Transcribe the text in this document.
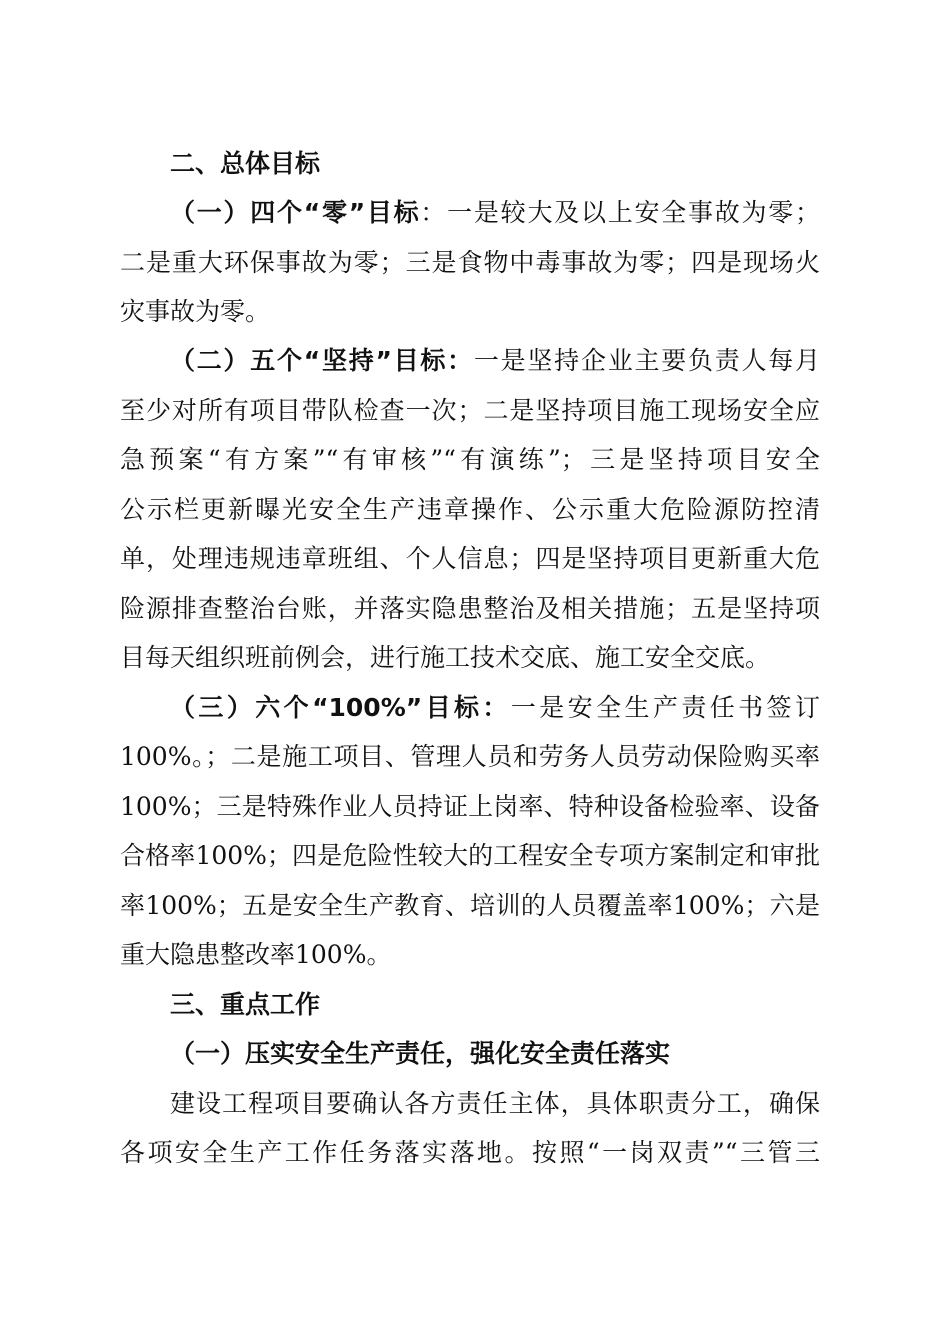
二、总体目标
（一）四个“零”目标：一是较大及以上安全事故为零；
二是重大环保事故为零；三是食物中毒事故为零；四是现场火
灾事故为零。
（二）五个“坚持”目标：一是坚持企业主要负责人每月
至少对所有项目带队检查一次；二是坚持项目施工现场安全应
急预案“有方案”“有审核”“有演练”；三是坚持项目安全
公示栏更新曝光安全生产违章操作、公示重大危险源防控清
单，处理违规违章班组、个人信息；四是坚持项目更新重大危
险源排查整治台账，并落实隐患整治及相关措施；五是坚持项
目每天组织班前例会，进行施工技术交底、施工安全交底。
（三）六个“100%”目标：一是安全生产责任书签订
100%。；二是施工项目、管理人员和劳务人员劳动保险购买率
100%；三是特殊作业人员持证上岗率、特种设备检验率、设备
合格率100%；四是危险性较大的工程安全专项方案制定和审批
率100%；五是安全生产教育、培训的人员覆盖率100%；六是
重大隐患整改率100%。
三、重点工作
（一）压实安全生产责任，强化安全责任落实
建设工程项目要确认各方责任主体，具体职责分工，确保
各项安全生产工作任务落实落地。按照“一岗双责”“三管三
